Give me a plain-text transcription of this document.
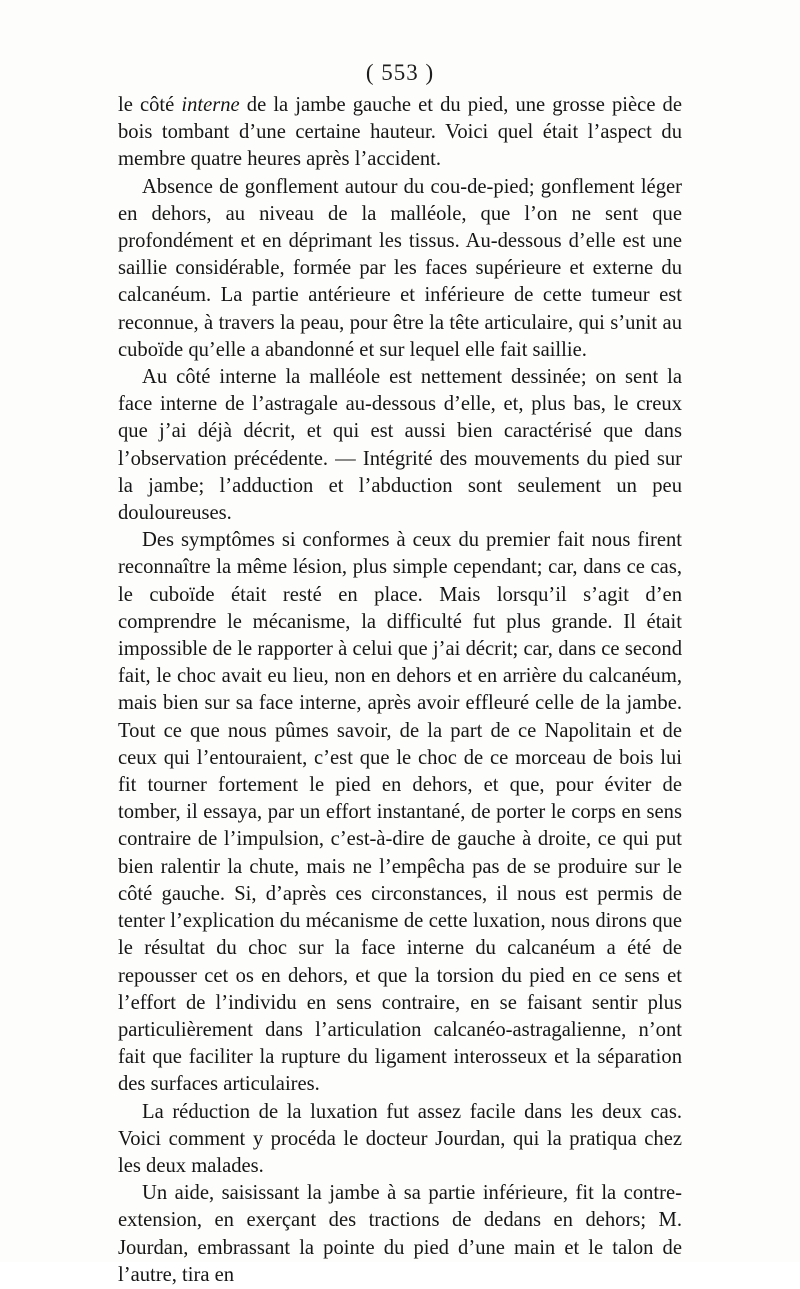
( 553 )

le côté interne de la jambe gauche et du pied, une grosse pièce de bois tombant d’une certaine hauteur. Voici quel était l’aspect du membre quatre heures après l’accident.

Absence de gonflement autour du cou-de-pied; gonflement léger en dehors, au niveau de la malléole, que l’on ne sent que profondément et en déprimant les tissus. Au-dessous d’elle est une saillie considérable, formée par les faces supérieure et externe du calcanéum. La partie antérieure et inférieure de cette tumeur est reconnue, à travers la peau, pour être la tête articulaire, qui s’unit au cuboïde qu’elle a abandonné et sur lequel elle fait saillie.

Au côté interne la malléole est nettement dessinée; on sent la face interne de l’astragale au-dessous d’elle, et, plus bas, le creux que j’ai déjà décrit, et qui est aussi bien caractérisé que dans l’observation précédente. — Intégrité des mouvements du pied sur la jambe; l’adduction et l’abduction sont seulement un peu douloureuses.

Des symptômes si conformes à ceux du premier fait nous firent reconnaître la même lésion, plus simple cependant; car, dans ce cas, le cuboïde était resté en place. Mais lorsqu’il s’agit d’en comprendre le mécanisme, la difficulté fut plus grande. Il était impossible de le rapporter à celui que j’ai décrit; car, dans ce second fait, le choc avait eu lieu, non en dehors et en arrière du calcanéum, mais bien sur sa face interne, après avoir effleuré celle de la jambe. Tout ce que nous pûmes savoir, de la part de ce Napolitain et de ceux qui l’entouraient, c’est que le choc de ce morceau de bois lui fit tourner fortement le pied en dehors, et que, pour éviter de tomber, il essaya, par un effort instantané, de porter le corps en sens contraire de l’impulsion, c’est-à-dire de gauche à droite, ce qui put bien ralentir la chute, mais ne l’empêcha pas de se produire sur le côté gauche. Si, d’après ces circonstances, il nous est permis de tenter l’explication du mécanisme de cette luxation, nous dirons que le résultat du choc sur la face interne du calcanéum a été de repousser cet os en dehors, et que la torsion du pied en ce sens et l’effort de l’individu en sens contraire, en se faisant sentir plus particulièrement dans l’articulation calcanéo-astragalienne, n’ont fait que faciliter la rupture du ligament interosseux et la séparation des surfaces articulaires.

La réduction de la luxation fut assez facile dans les deux cas. Voici comment y procéda le docteur Jourdan, qui la pratiqua chez les deux malades.

Un aide, saisissant la jambe à sa partie inférieure, fit la contre-extension, en exerçant des tractions de dedans en dehors; M. Jourdan, embrassant la pointe du pied d’une main et le talon de l’autre, tira en
